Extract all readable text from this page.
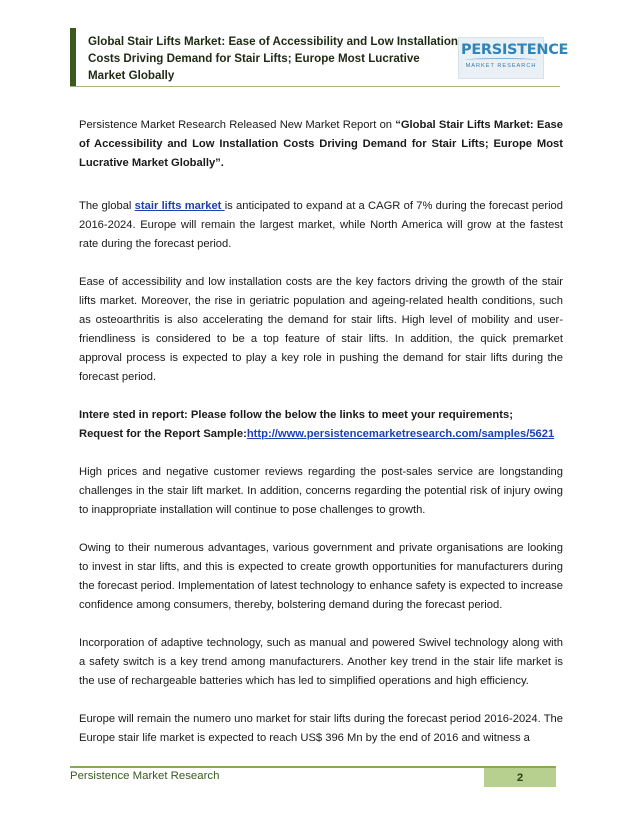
Global Stair Lifts Market: Ease of Accessibility and Low Installation Costs Driving Demand for Stair Lifts; Europe Most Lucrative Market Globally
PERSISTENCE
MARKET RESEARCH

Persistence Market Research Released New Market Report on “Global Stair Lifts Market: Ease of Accessibility and Low Installation Costs Driving Demand for Stair Lifts; Europe Most Lucrative Market Globally”.

The global stair lifts market is anticipated to expand at a CAGR of 7% during the forecast period 2016-2024. Europe will remain the largest market, while North America will grow at the fastest rate during the forecast period.

Ease of accessibility and low installation costs are the key factors driving the growth of the stair lifts market. Moreover, the rise in geriatric population and ageing-related health conditions, such as osteoarthritis is also accelerating the demand for stair lifts. High level of mobility and user-friendliness is considered to be a top feature of stair lifts. In addition, the quick premarket approval process is expected to play a key role in pushing the demand for stair lifts during the forecast period.

Intere sted in report: Please follow the below the links to meet your requirements;
Request for the Report Sample:http://www.persistencemarketresearch.com/samples/5621

High prices and negative customer reviews regarding the post-sales service are longstanding challenges in the stair lift market. In addition, concerns regarding the potential risk of injury owing to inappropriate installation will continue to pose challenges to growth.

Owing to their numerous advantages, various government and private organisations are looking to invest in star lifts, and this is expected to create growth opportunities for manufacturers during the forecast period. Implementation of latest technology to enhance safety is expected to increase confidence among consumers, thereby, bolstering demand during the forecast period.

Incorporation of adaptive technology, such as manual and powered Swivel technology along with a safety switch is a key trend among manufacturers. Another key trend in the stair life market is the use of rechargeable batteries which has led to simplified operations and high efficiency.

Europe will remain the numero uno market for stair lifts during the forecast period 2016-2024. The Europe stair life market is expected to reach US$ 396 Mn by the end of 2016 and witness a

Persistence Market Research	2
